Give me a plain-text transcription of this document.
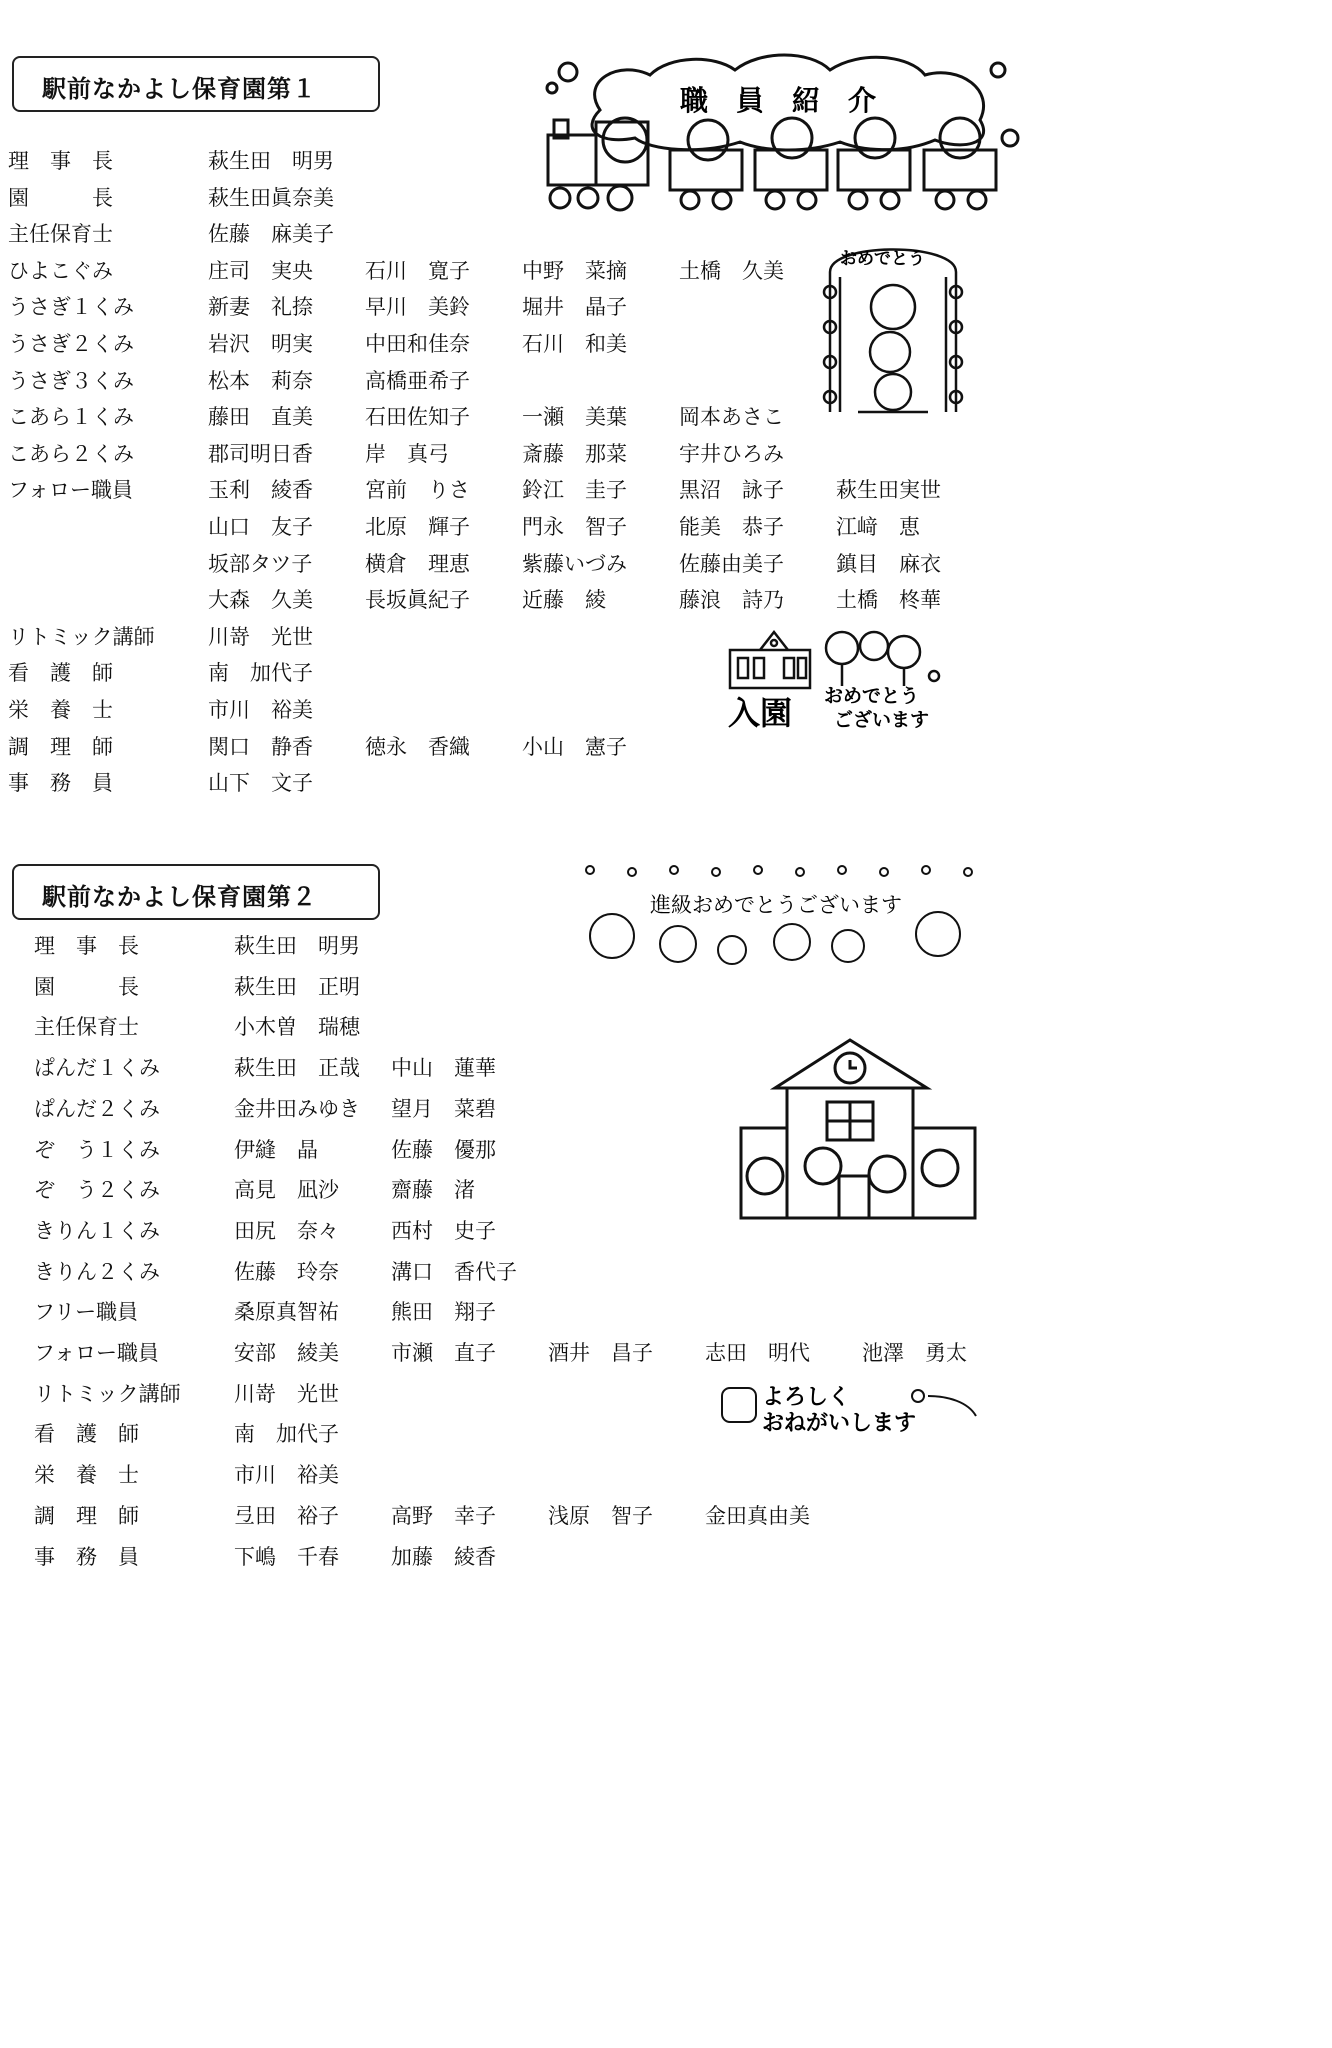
駅前なかよし保育園第１
理　事　長	萩生田　明男
園　　　長	萩生田眞奈美
主任保育士	佐藤　麻美子
ひよこぐみ	庄司　実央 石川　寛子 中野　菜摘 土橋　久美
うさぎ１くみ	新妻　礼捺 早川　美鈴 堀井　晶子
うさぎ２くみ	岩沢　明実 中田和佳奈 石川　和美
うさぎ３くみ	松本　莉奈 高橋亜希子
こあら１くみ	藤田　直美 石田佐知子 一瀬　美葉 岡本あさこ
こあら２くみ	郡司明日香 岸　真弓	斎藤　那菜 宇井ひろみ
フォロー職員	玉利　綾香 宮前　りさ 鈴江　圭子 黒沼　詠子 萩生田実世
山口　友子 北原　輝子 門永　智子 能美　恭子 江﨑　恵
坂部タツ子	横倉　理恵 紫藤いづみ 佐藤由美子 鎮目　麻衣
大森　久美 長坂眞紀子 近藤　綾	藤浪　詩乃 土橋　柊華
リトミック講師	川嵜　光世
看　護　師	南　加代子
栄　養　士	市川　裕美
調　理　師	関口　静香 徳永　香織 小山　憲子
事　務　員	山下　文子
職　員　紹　介
おめでとう
入園 おめでとう
ございます
駅前なかよし保育園第２
理　事　長	萩生田　明男
園　　　長	萩生田　正明
主任保育士	小木曽　瑞穂
ぱんだ１くみ	萩生田　正哉 中山　蓮華
ぱんだ２くみ	金井田みゆき 望月　菜碧
ぞ　う１くみ	伊縫　晶	佐藤　優那
ぞ　う２くみ	高見　凪沙 齋藤　渚
きりん１くみ	田尻　奈々 西村　史子
きりん２くみ	佐藤　玲奈 溝口　香代子
フリー職員	桑原真智祐 熊田　翔子
フォロー職員	安部　綾美 市瀬　直子 酒井　昌子 志田　明代 池澤　勇太
リトミック講師	川嵜　光世
看　護　師	南　加代子
栄　養　士	市川　裕美
調　理　師	弖田　裕子 高野　幸子 浅原　智子 金田真由美
事　務　員	下嶋　千春 加藤　綾香
進級おめでとうございます
よろしく
おねがいします
